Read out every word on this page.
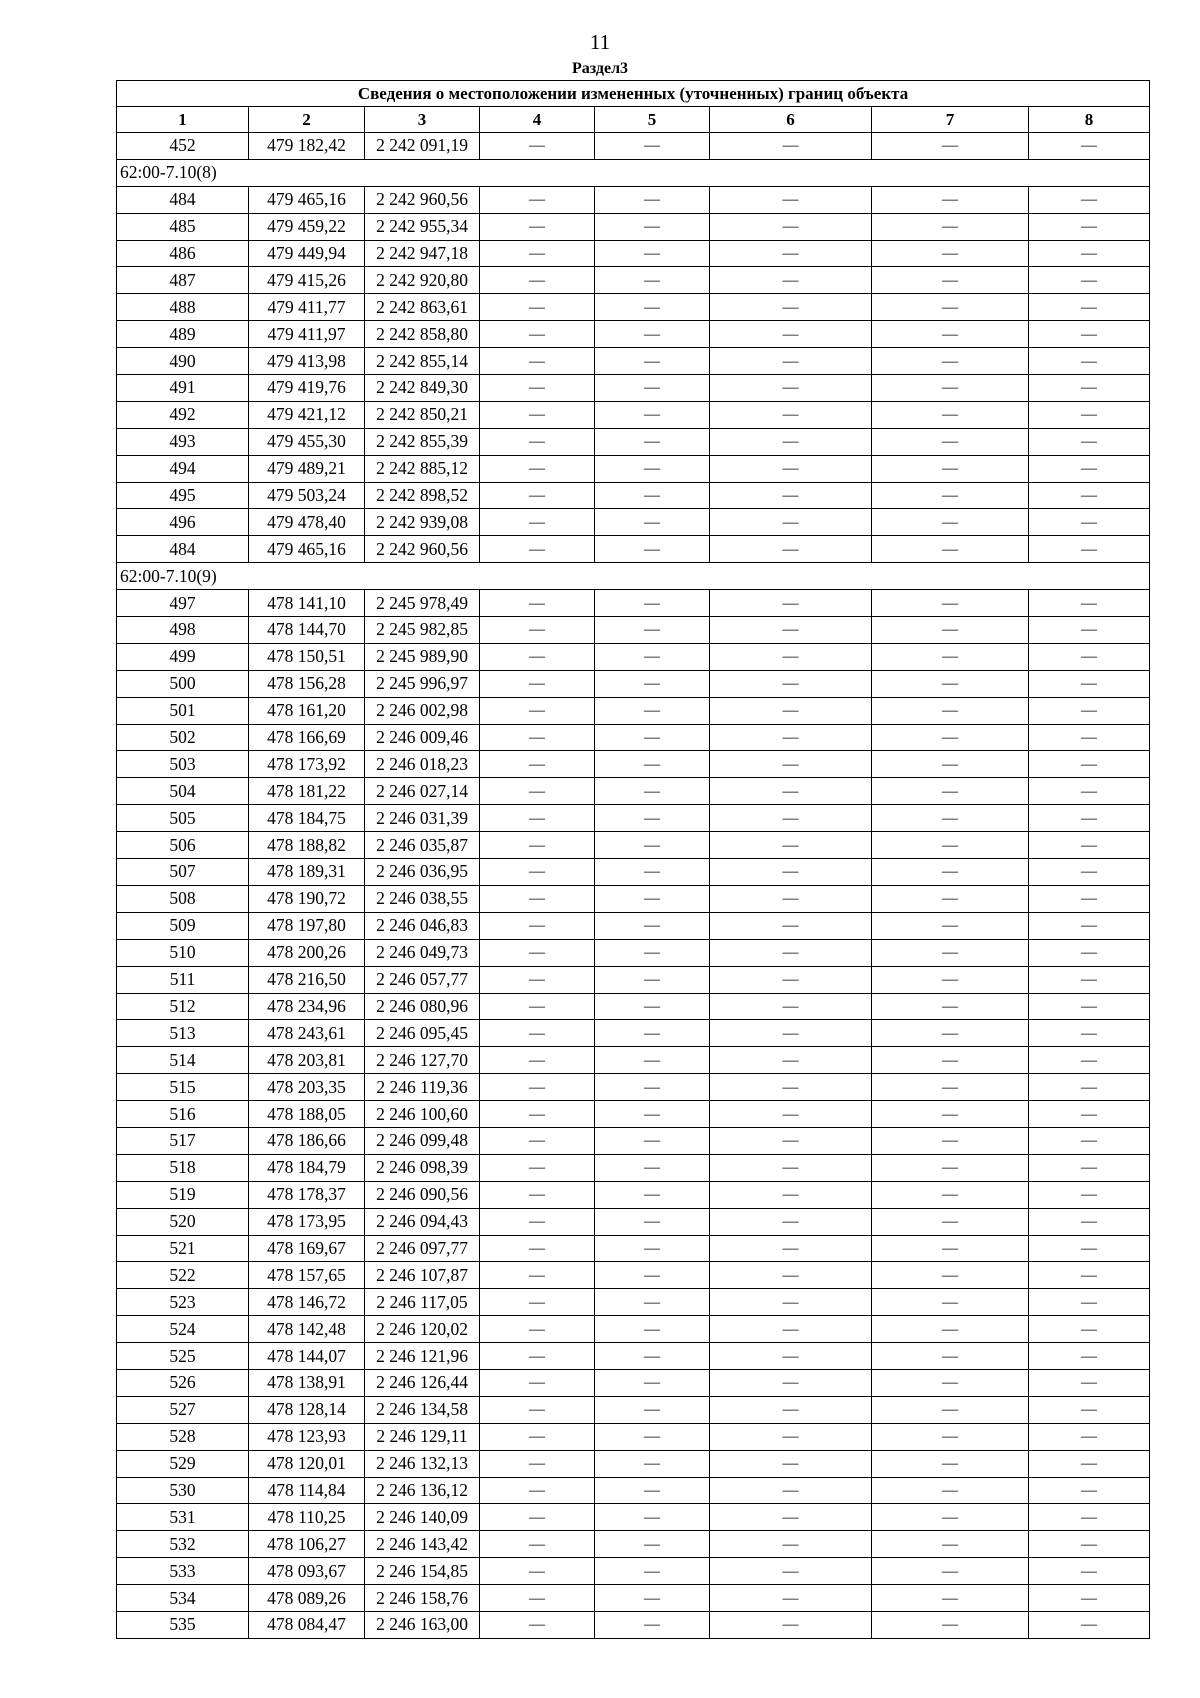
11
Раздел3
Сведения о местоположении измененных (уточненных) границ объекта							
1	2	3	4	5	6	7	8
452	479 182,42	2 242 091,19	—	—	—	—	—
62:00-7.10(8)							
484	479 465,16	2 242 960,56	—	—	—	—	—
485	479 459,22	2 242 955,34	—	—	—	—	—
486	479 449,94	2 242 947,18	—	—	—	—	—
487	479 415,26	2 242 920,80	—	—	—	—	—
488	479 411,77	2 242 863,61	—	—	—	—	—
489	479 411,97	2 242 858,80	—	—	—	—	—
490	479 413,98	2 242 855,14	—	—	—	—	—
491	479 419,76	2 242 849,30	—	—	—	—	—
492	479 421,12	2 242 850,21	—	—	—	—	—
493	479 455,30	2 242 855,39	—	—	—	—	—
494	479 489,21	2 242 885,12	—	—	—	—	—
495	479 503,24	2 242 898,52	—	—	—	—	—
496	479 478,40	2 242 939,08	—	—	—	—	—
484	479 465,16	2 242 960,56	—	—	—	—	—
62:00-7.10(9)							
497	478 141,10	2 245 978,49	—	—	—	—	—
498	478 144,70	2 245 982,85	—	—	—	—	—
499	478 150,51	2 245 989,90	—	—	—	—	—
500	478 156,28	2 245 996,97	—	—	—	—	—
501	478 161,20	2 246 002,98	—	—	—	—	—
502	478 166,69	2 246 009,46	—	—	—	—	—
503	478 173,92	2 246 018,23	—	—	—	—	—
504	478 181,22	2 246 027,14	—	—	—	—	—
505	478 184,75	2 246 031,39	—	—	—	—	—
506	478 188,82	2 246 035,87	—	—	—	—	—
507	478 189,31	2 246 036,95	—	—	—	—	—
508	478 190,72	2 246 038,55	—	—	—	—	—
509	478 197,80	2 246 046,83	—	—	—	—	—
510	478 200,26	2 246 049,73	—	—	—	—	—
511	478 216,50	2 246 057,77	—	—	—	—	—
512	478 234,96	2 246 080,96	—	—	—	—	—
513	478 243,61	2 246 095,45	—	—	—	—	—
514	478 203,81	2 246 127,70	—	—	—	—	—
515	478 203,35	2 246 119,36	—	—	—	—	—
516	478 188,05	2 246 100,60	—	—	—	—	—
517	478 186,66	2 246 099,48	—	—	—	—	—
518	478 184,79	2 246 098,39	—	—	—	—	—
519	478 178,37	2 246 090,56	—	—	—	—	—
520	478 173,95	2 246 094,43	—	—	—	—	—
521	478 169,67	2 246 097,77	—	—	—	—	—
522	478 157,65	2 246 107,87	—	—	—	—	—
523	478 146,72	2 246 117,05	—	—	—	—	—
524	478 142,48	2 246 120,02	—	—	—	—	—
525	478 144,07	2 246 121,96	—	—	—	—	—
526	478 138,91	2 246 126,44	—	—	—	—	—
527	478 128,14	2 246 134,58	—	—	—	—	—
528	478 123,93	2 246 129,11	—	—	—	—	—
529	478 120,01	2 246 132,13	—	—	—	—	—
530	478 114,84	2 246 136,12	—	—	—	—	—
531	478 110,25	2 246 140,09	—	—	—	—	—
532	478 106,27	2 246 143,42	—	—	—	—	—
533	478 093,67	2 246 154,85	—	—	—	—	—
534	478 089,26	2 246 158,76	—	—	—	—	—
535	478 084,47	2 246 163,00	—	—	—	—	—
